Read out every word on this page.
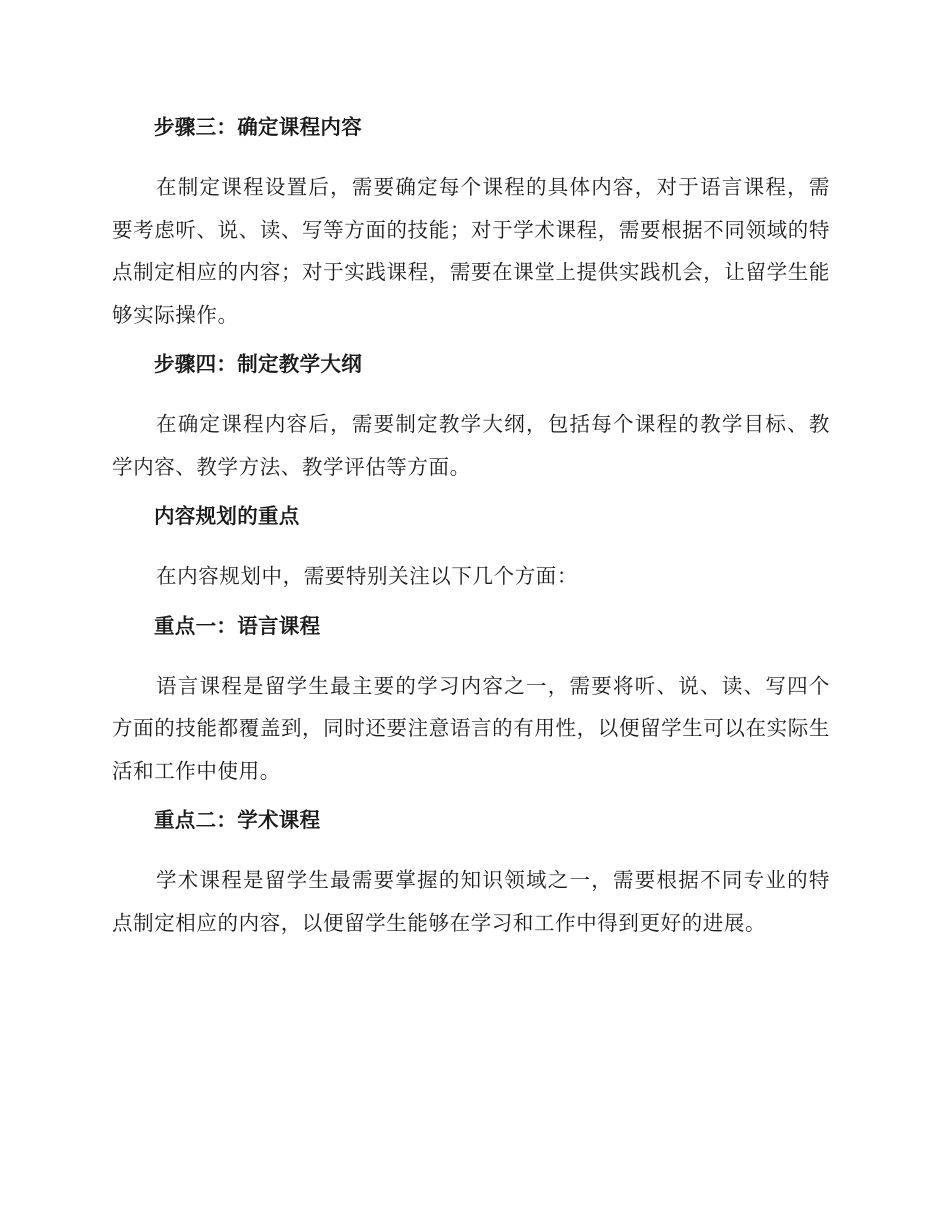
步骤三：确定课程内容
在制定课程设置后，需要确定每个课程的具体内容，对于语言课程，需要考虑听、说、读、写等方面的技能；对于学术课程，需要根据不同领域的特点制定相应的内容；对于实践课程，需要在课堂上提供实践机会，让留学生能够实际操作。
步骤四：制定教学大纲
在确定课程内容后，需要制定教学大纲，包括每个课程的教学目标、教学内容、教学方法、教学评估等方面。
内容规划的重点
在内容规划中，需要特别关注以下几个方面：
重点一：语言课程
语言课程是留学生最主要的学习内容之一，需要将听、说、读、写四个方面的技能都覆盖到，同时还要注意语言的有用性，以便留学生可以在实际生活和工作中使用。
重点二：学术课程
学术课程是留学生最需要掌握的知识领域之一，需要根据不同专业的特点制定相应的内容，以便留学生能够在学习和工作中得到更好的进展。
